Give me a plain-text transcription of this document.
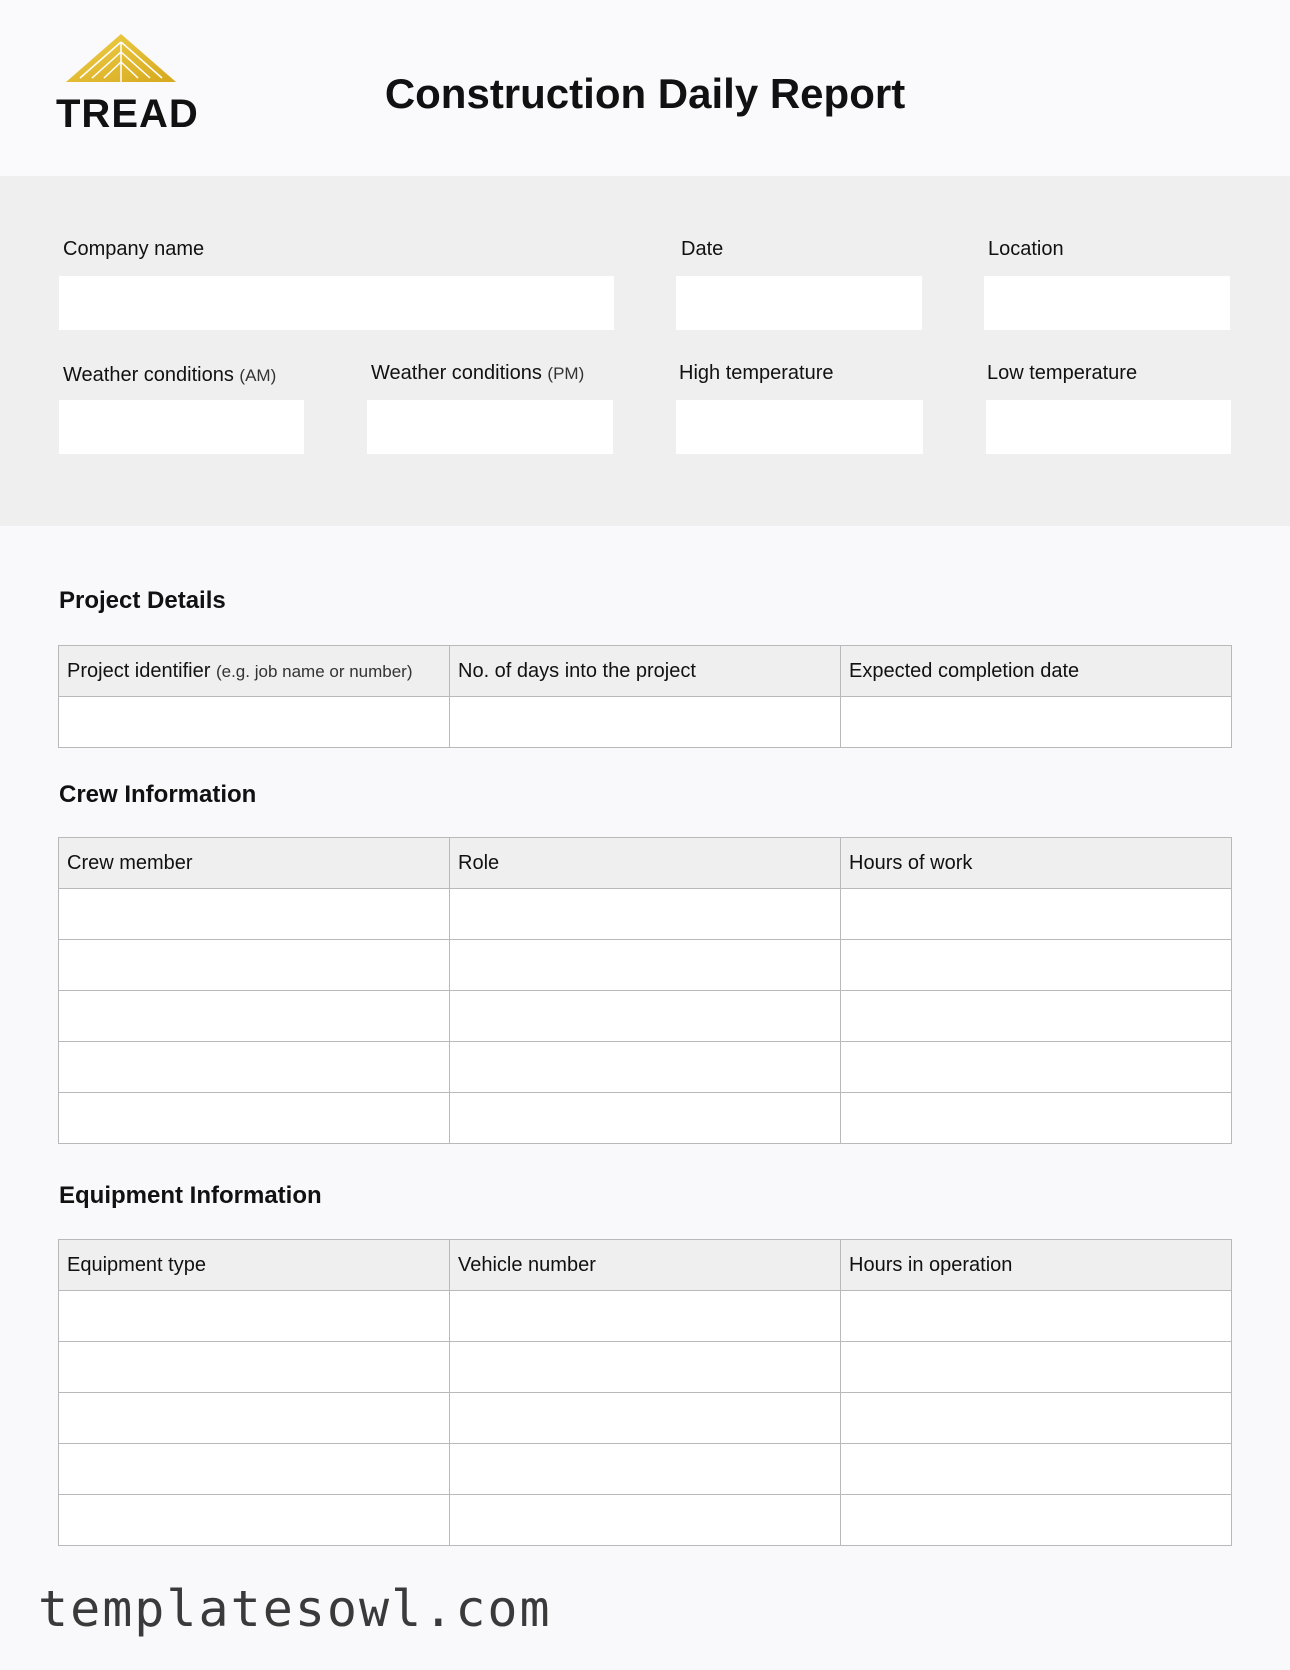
TREAD	Construction Daily Report
Company name	Date	Location
Weather conditions (AM)	Weather conditions (PM)	High temperature	Low temperature
Project Details
Project identifier (e.g. job name or number)	No. of days into the project	Expected completion date

Crew Information
Crew member	Role	Hours of work

Equipment Information
Equipment type	Vehicle number	Hours in operation

templatesowl.com
